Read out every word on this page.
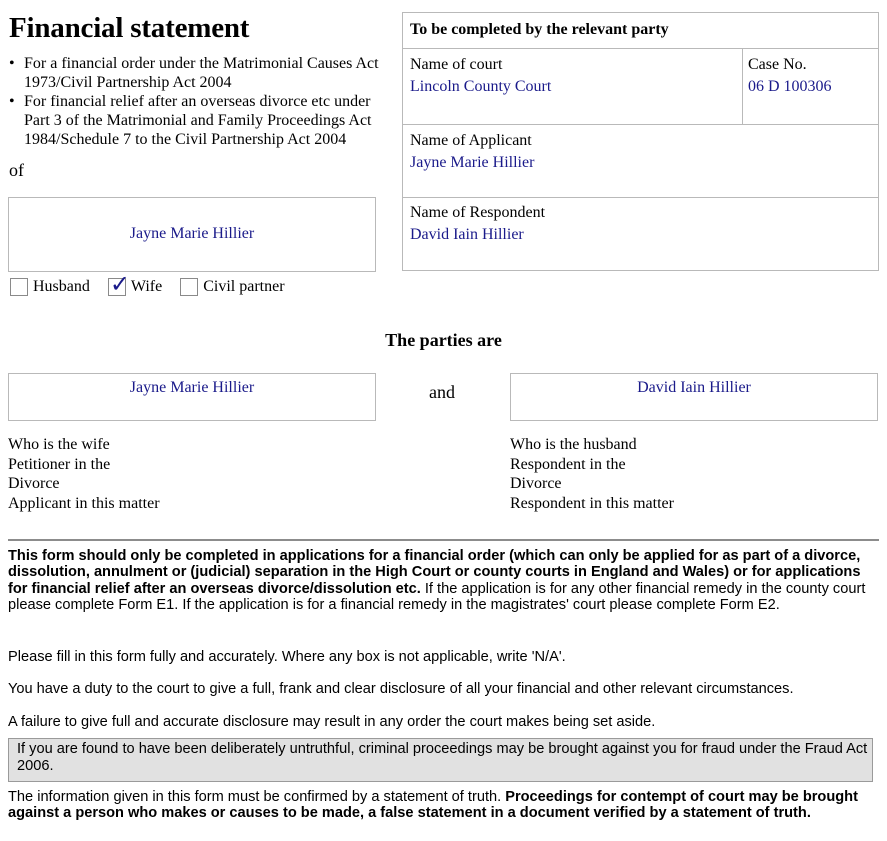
Financial statement
• For a financial order under the Matrimonial Causes Act 1973/Civil Partnership Act 2004
• For financial relief after an overseas divorce etc under Part 3 of the Matrimonial and Family Proceedings Act 1984/Schedule 7 to the Civil Partnership Act 2004
of
Jayne Marie Hillier
Husband ✓ Wife	Civil partner
To be completed by the relevant party
Name of court
Lincoln County Court
Case No.
06 D 100306
Name of Applicant
Jayne Marie Hillier
Name of Respondent
David Iain Hillier
The parties are
Jayne Marie Hillier	and	David Iain Hillier
Who is the wife
Petitioner in the
Divorce
Applicant in this matter
Who is the husband
Respondent in the
Divorce
Respondent in this matter
This form should only be completed in applications for a financial order (which can only be applied for as part of a divorce, dissolution, annulment or (judicial) separation in the High Court or county courts in England and Wales) or for applications for financial relief after an overseas divorce/dissolution etc. If the application is for any other financial remedy in the county court please complete Form E1. If the application is for a financial remedy in the magistrates' court please complete Form E2.
Please fill in this form fully and accurately. Where any box is not applicable, write 'N/A'.
You have a duty to the court to give a full, frank and clear disclosure of all your financial and other relevant circumstances.
A failure to give full and accurate disclosure may result in any order the court makes being set aside.
If you are found to have been deliberately untruthful, criminal proceedings may be brought against you for fraud under the Fraud Act 2006.
The information given in this form must be confirmed by a statement of truth. Proceedings for contempt of court may be brought against a person who makes or causes to be made, a false statement in a document verified by a statement of truth.
